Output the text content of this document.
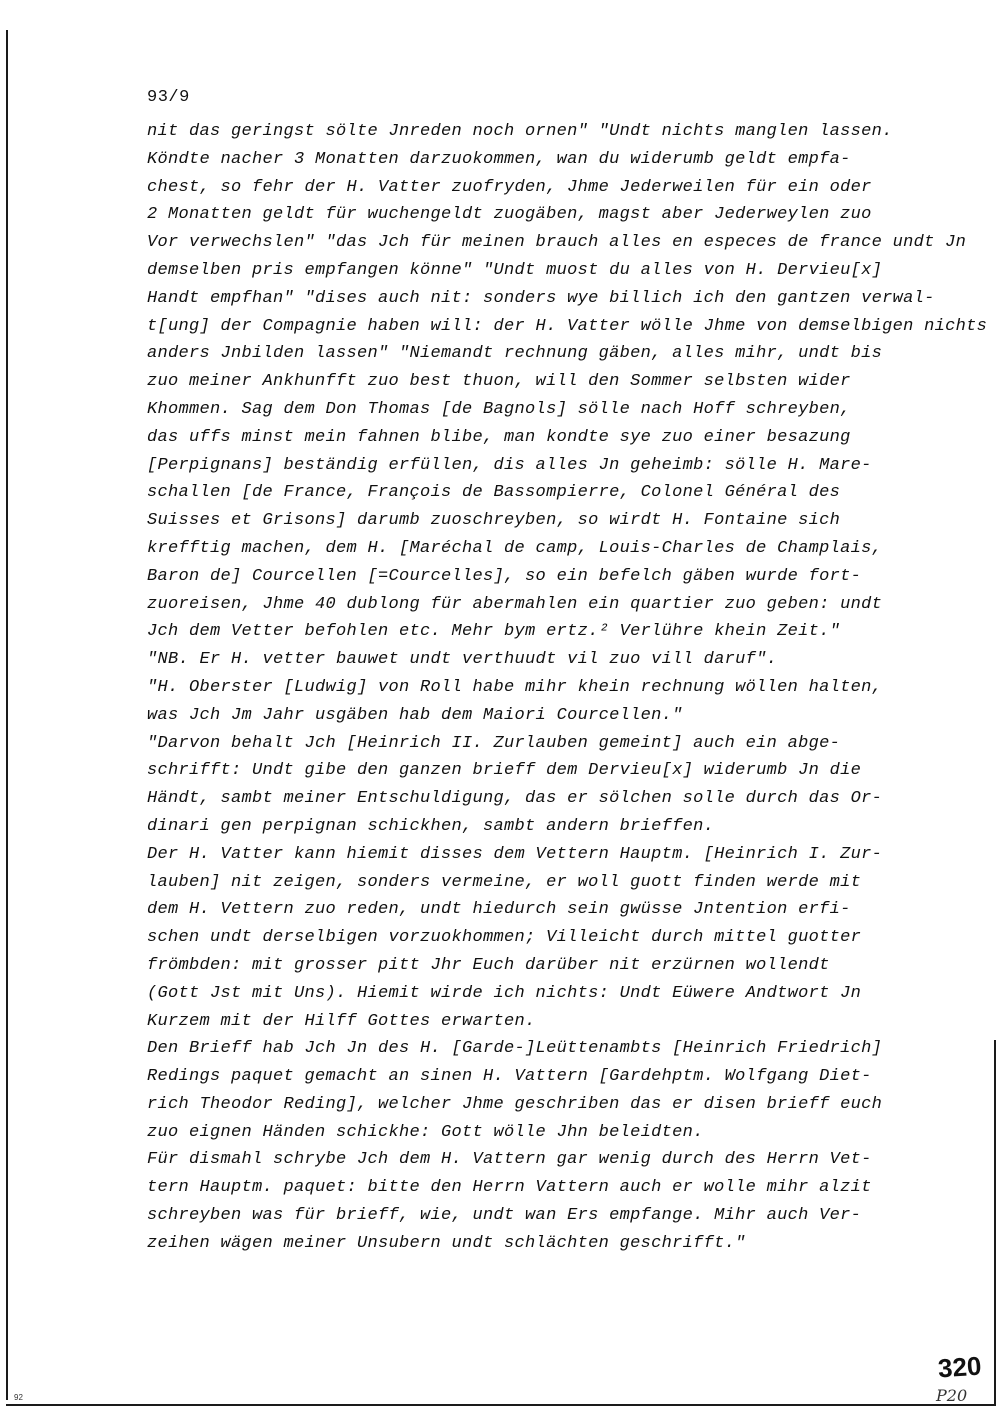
93/9
nit das geringst sölte Jnreden noch ornen" "Undt nichts manglen lassen.
Köndte nacher 3 Monatten darzuokommen, wan du widerumb geldt empfa-
chest, so fehr der H. Vatter zuofryden, Jhme Jederweilen für ein oder
2 Monatten geldt für wuchengeldt zuogäben, magst aber Jederweylen zuo
Vor verwechslen" "das Jch für meinen brauch alles en especes de france undt Jn
demselben pris empfangen könne" "Undt muost du alles von H. Dervieu[x]
Handt empfhan" "dises auch nit: sonders wye billich ich den gantzen verwal-
t[ung] der Compagnie haben will: der H. Vatter wölle Jhme von demselbigen nichts
anders Jnbilden lassen" "Niemandt rechnung gäben, alles mihr, undt bis
zuo meiner Ankhunfft zuo best thuon, will den Sommer selbsten wider
Khommen. Sag dem Don Thomas [de Bagnols] sölle nach Hoff schreyben,
das uffs minst mein fahnen blibe, man kondte sye zuo einer besazung
[Perpignans] beständig erfüllen, dis alles Jn geheimb: sölle H. Mare-
schallen [de France, François de Bassompierre, Colonel Général des
Suisses et Grisons] darumb zuoschreyben, so wirdt H. Fontaine sich
krefftig machen, dem H. [Maréchal de camp, Louis-Charles de Champlais,
Baron de] Courcellen [=Courcelles], so ein befelch gäben wurde fort-
zuoreisen, Jhme 40 dublong für abermahlen ein quartier zuo geben: undt
Jch dem Vetter befohlen etc. Mehr bym ertz.² Verlühre khein Zeit."
"NB. Er H. vetter bauwet undt verthuudt vil zuo vill daruf".
"H. Oberster [Ludwig] von Roll habe mihr khein rechnung wöllen halten,
was Jch Jm Jahr usgäben hab dem Maiori Courcellen."
"Darvon behalt Jch [Heinrich II. Zurlauben gemeint] auch ein abge-
schrifft: Undt gibe den ganzen brieff dem Dervieu[x] widerumb Jn die
Händt, sambt meiner Entschuldigung, das er sölchen solle durch das Or-
dinari gen perpignan schickhen, sambt andern brieffen.
Der H. Vatter kann hiemit disses dem Vettern Hauptm. [Heinrich I. Zur-
lauben] nit zeigen, sonders vermeine, er woll guott finden werde mit
dem H. Vettern zuo reden, undt hiedurch sein gwüsse Jntention erfi-
schen undt derselbigen vorzuokhommen; Villeicht durch mittel guotter
frömbden: mit grosser pitt Jhr Euch darüber nit erzürnen wollendt
(Gott Jst mit Uns). Hiemit wirde ich nichts: Undt Eüwere Andtwort Jn
Kurzem mit der Hilff Gottes erwarten.
Den Brieff hab Jch Jn des H. [Garde-]Leüttenambts [Heinrich Friedrich]
Redings paquet gemacht an sinen H. Vattern [Gardehptm. Wolfgang Diet-
rich Theodor Reding], welcher Jhme geschriben das er disen brieff euch
zuo eignen Händen schickhe: Gott wölle Jhn beleidten.
Für dismahl schrybe Jch dem H. Vattern gar wenig durch des Herrn Vet-
tern Hauptm. paquet: bitte den Herrn Vattern auch er wolle mihr alzit
schreyben was für brieff, wie, undt wan Ers empfange. Mihr auch Ver-
zeihen wägen meiner Unsubern undt schlächten geschrifft."
320
P20
92
